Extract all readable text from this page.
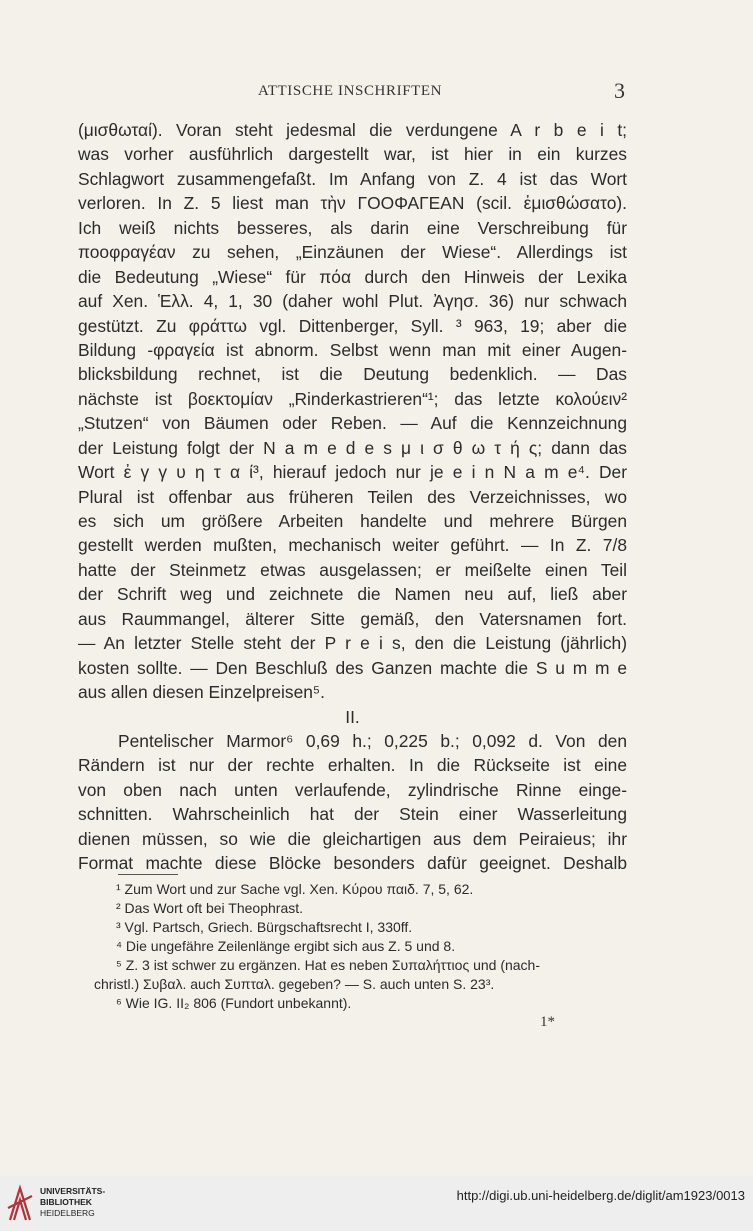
ATTISCHE INSCHRIFTEN	3
(μισθωταί). Voran steht jedesmal die verdungene A r b e i t;
was vorher ausführlich dargestellt war, ist hier in ein kurzes
Schlagwort zusammengefaßt. Im Anfang von Z. 4 ist das Wort
verloren. In Z. 5 liest man τὴν ΓΟΟΦΑΓΕΑΝ (scil. ἐμισθώσατο).
Ich weiß nichts besseres, als darin eine Verschreibung für
ποοφραγέαν zu sehen, „Einzäunen der Wiese“. Allerdings ist
die Bedeutung „Wiese“ für πόα durch den Hinweis der Lexika
auf Xen. Ἑλλ. 4, 1, 30 (daher wohl Plut. Ἀγησ. 36) nur schwach
gestützt. Zu φράττω vgl. Dittenberger, Syll. ³ 963, 19; aber die
Bildung -φραγεία ist abnorm. Selbst wenn man mit einer Augen-
blicksbildung rechnet, ist die Deutung bedenklich. — Das
nächste ist βοεκτομίαν „Rinderkastrieren“¹; das letzte κολούειν²
„Stutzen“ von Bäumen oder Reben. — Auf die Kennzeichnung
der Leistung folgt der N a m e d e s μ ι σ θ ω τ ή ς; dann das
Wort ἐ γ γ υ η τ α ί³, hierauf jedoch nur je e i n N a m e⁴. Der
Plural ist offenbar aus früheren Teilen des Verzeichnisses, wo
es sich um größere Arbeiten handelte und mehrere Bürgen
gestellt werden mußten, mechanisch weiter geführt. — In Z. 7/8
hatte der Steinmetz etwas ausgelassen; er meißelte einen Teil
der Schrift weg und zeichnete die Namen neu auf, ließ aber
aus Raummangel, älterer Sitte gemäß, den Vatersnamen fort.
— An letzter Stelle steht der P r e i s, den die Leistung (jährlich)
kosten sollte. — Den Beschluß des Ganzen machte die S u m m e
aus allen diesen Einzelpreisen⁵.
II.
Pentelischer Marmor⁶ 0,69 h.; 0,225 b.; 0,092 d. Von den
Rändern ist nur der rechte erhalten. In die Rückseite ist eine
von oben nach unten verlaufende, zylindrische Rinne einge-
schnitten. Wahrscheinlich hat der Stein einer Wasserleitung
dienen müssen, so wie die gleichartigen aus dem Peiraieus; ihr
Format machte diese Blöcke besonders dafür geeignet. Deshalb
¹ Zum Wort und zur Sache vgl. Xen. Κύρου παιδ. 7, 5, 62.
² Das Wort oft bei Theophrast.
³ Vgl. Partsch, Griech. Bürgschaftsrecht I, 330ff.
⁴ Die ungefähre Zeilenlänge ergibt sich aus Z. 5 und 8.
⁵ Z. 3 ist schwer zu ergänzen. Hat es neben Συπαλήττιος und (nach-
christl.) Συβαλ. auch Συπταλ. gegeben? — S. auch unten S. 23³.
⁶ Wie IG. II₂ 806 (Fundort unbekannt).
1*
UNIVERSITÄTS-
BIBLIOTHEK
HEIDELBERG
http://digi.ub.uni-heidelberg.de/diglit/am1923/0013
